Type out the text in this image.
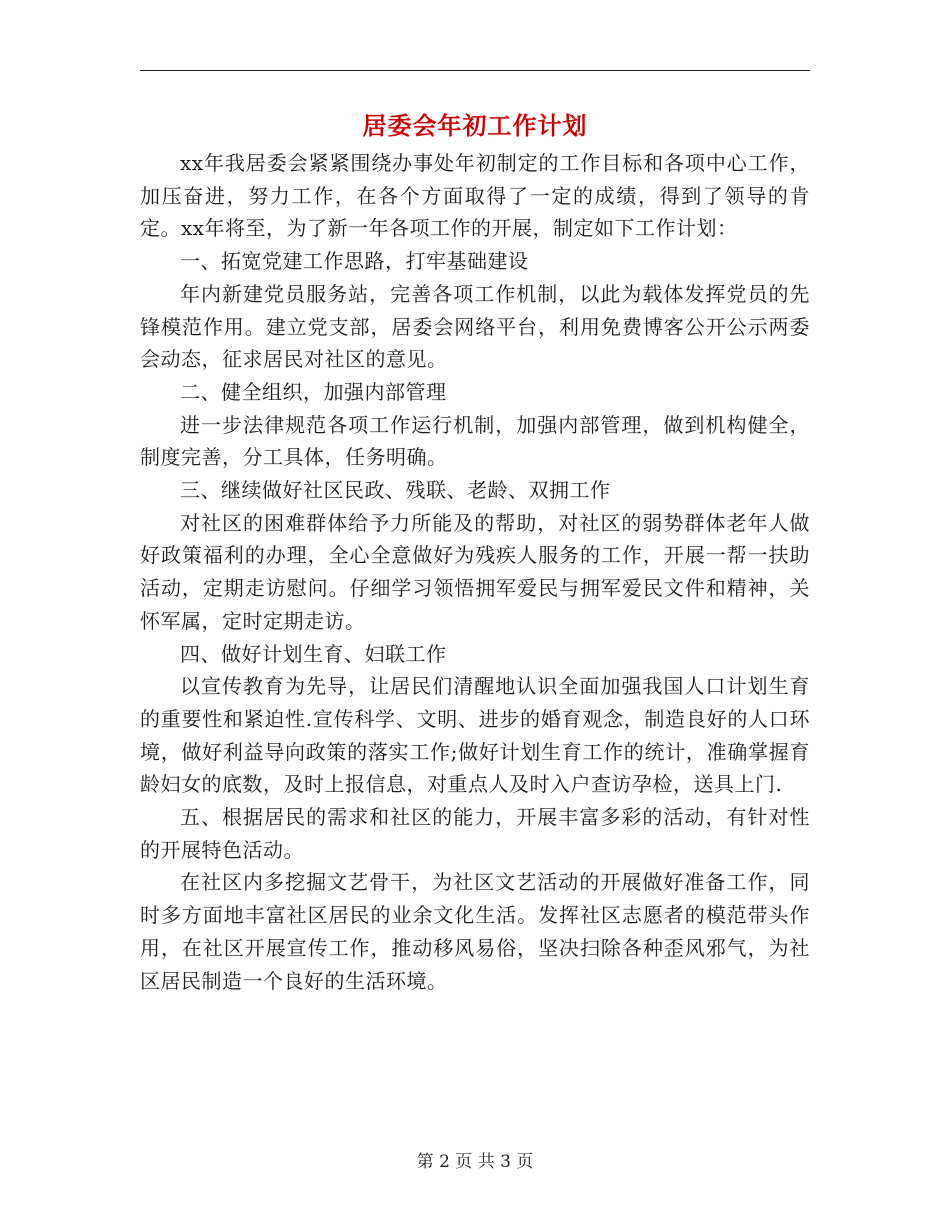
居委会年初工作计划

xx年我居委会紧紧围绕办事处年初制定的工作目标和各项中心工作，加压奋进，努力工作，在各个方面取得了一定的成绩，得到了领导的肯定。xx年将至，为了新一年各项工作的开展，制定如下工作计划：

一、拓宽党建工作思路，打牢基础建设

年内新建党员服务站，完善各项工作机制，以此为载体发挥党员的先锋模范作用。建立党支部，居委会网络平台，利用免费博客公开公示两委会动态，征求居民对社区的意见。

二、健全组织，加强内部管理

进一步法律规范各项工作运行机制，加强内部管理，做到机构健全，制度完善，分工具体，任务明确。

三、继续做好社区民政、残联、老龄、双拥工作

对社区的困难群体给予力所能及的帮助，对社区的弱势群体老年人做好政策福利的办理，全心全意做好为残疾人服务的工作，开展一帮一扶助活动，定期走访慰问。仔细学习领悟拥军爱民与拥军爱民文件和精神，关怀军属，定时定期走访。

四、做好计划生育、妇联工作

以宣传教育为先导，让居民们清醒地认识全面加强我国人口计划生育的重要性和紧迫性.宣传科学、文明、进步的婚育观念，制造良好的人口环境，做好利益导向政策的落实工作;做好计划生育工作的统计，准确掌握育龄妇女的底数，及时上报信息，对重点人及时入户查访孕检，送具上门.

五、根据居民的需求和社区的能力，开展丰富多彩的活动，有针对性的开展特色活动。

在社区内多挖掘文艺骨干，为社区文艺活动的开展做好准备工作，同时多方面地丰富社区居民的业余文化生活。发挥社区志愿者的模范带头作用，在社区开展宣传工作，推动移风易俗，坚决扫除各种歪风邪气，为社区居民制造一个良好的生活环境。

第 2 页 共 3 页
